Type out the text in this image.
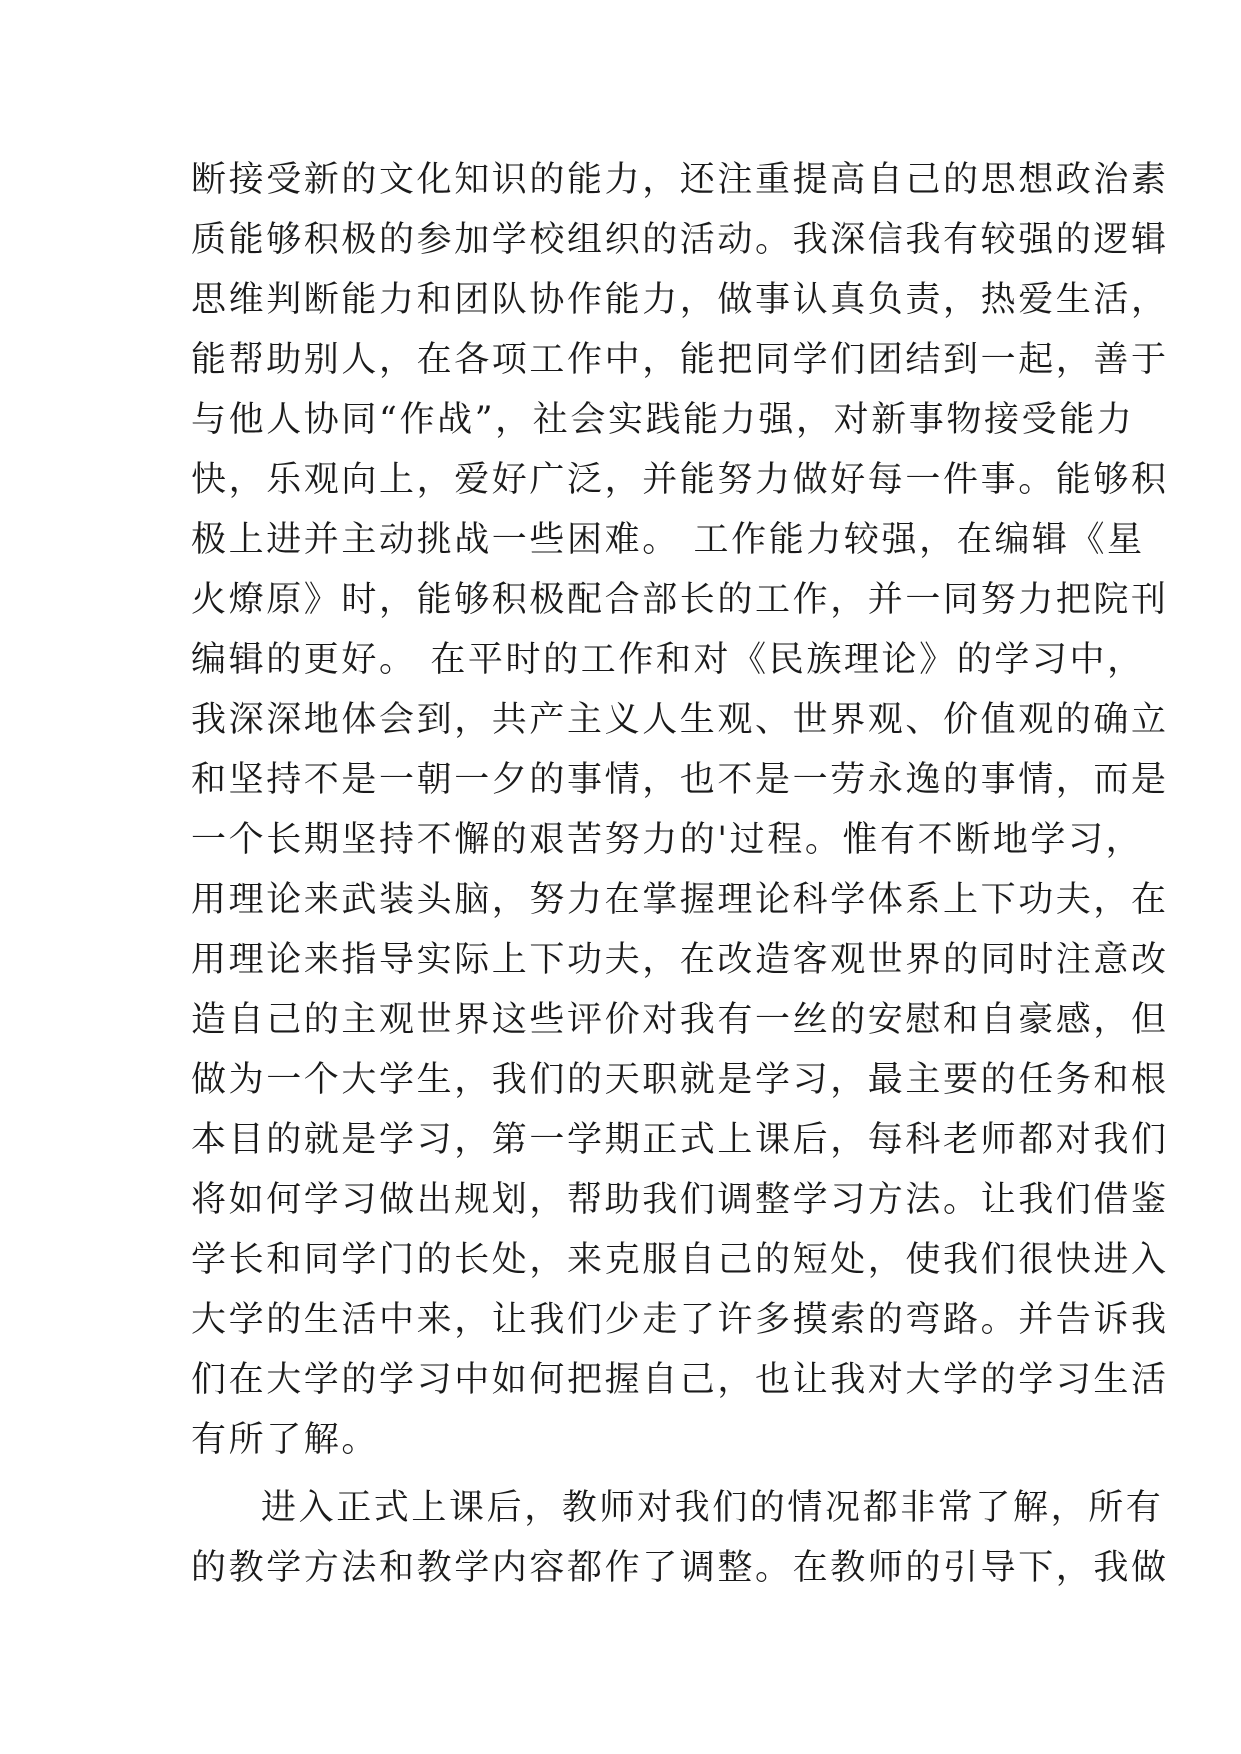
断接受新的文化知识的能力，还注重提高自己的思想政治素
质能够积极的参加学校组织的活动。我深信我有较强的逻辑
思维判断能力和团队协作能力，做事认真负责，热爱生活，
能帮助别人，在各项工作中，能把同学们团结到一起，善于
与他人协同“作战”，社会实践能力强，对新事物接受能力
快，乐观向上，爱好广泛，并能努力做好每一件事。能够积
极上进并主动挑战一些困难。 工作能力较强，在编辑《星
火燎原》时，能够积极配合部长的工作，并一同努力把院刊
编辑的更好。 在平时的工作和对《民族理论》的学习中，
我深深地体会到，共产主义人生观、世界观、价值观的确立
和坚持不是一朝一夕的事情，也不是一劳永逸的事情，而是
一个长期坚持不懈的艰苦努力的'过程。惟有不断地学习，
用理论来武装头脑，努力在掌握理论科学体系上下功夫，在
用理论来指导实际上下功夫，在改造客观世界的同时注意改
造自己的主观世界这些评价对我有一丝的安慰和自豪感，但
做为一个大学生，我们的天职就是学习，最主要的任务和根
本目的就是学习，第一学期正式上课后，每科老师都对我们
将如何学习做出规划，帮助我们调整学习方法。让我们借鉴
学长和同学门的长处，来克服自己的短处，使我们很快进入
大学的生活中来，让我们少走了许多摸索的弯路。并告诉我
们在大学的学习中如何把握自己，也让我对大学的学习生活
有所了解。
进入正式上课后，教师对我们的情况都非常了解，所有
的教学方法和教学内容都作了调整。在教师的引导下，我做
